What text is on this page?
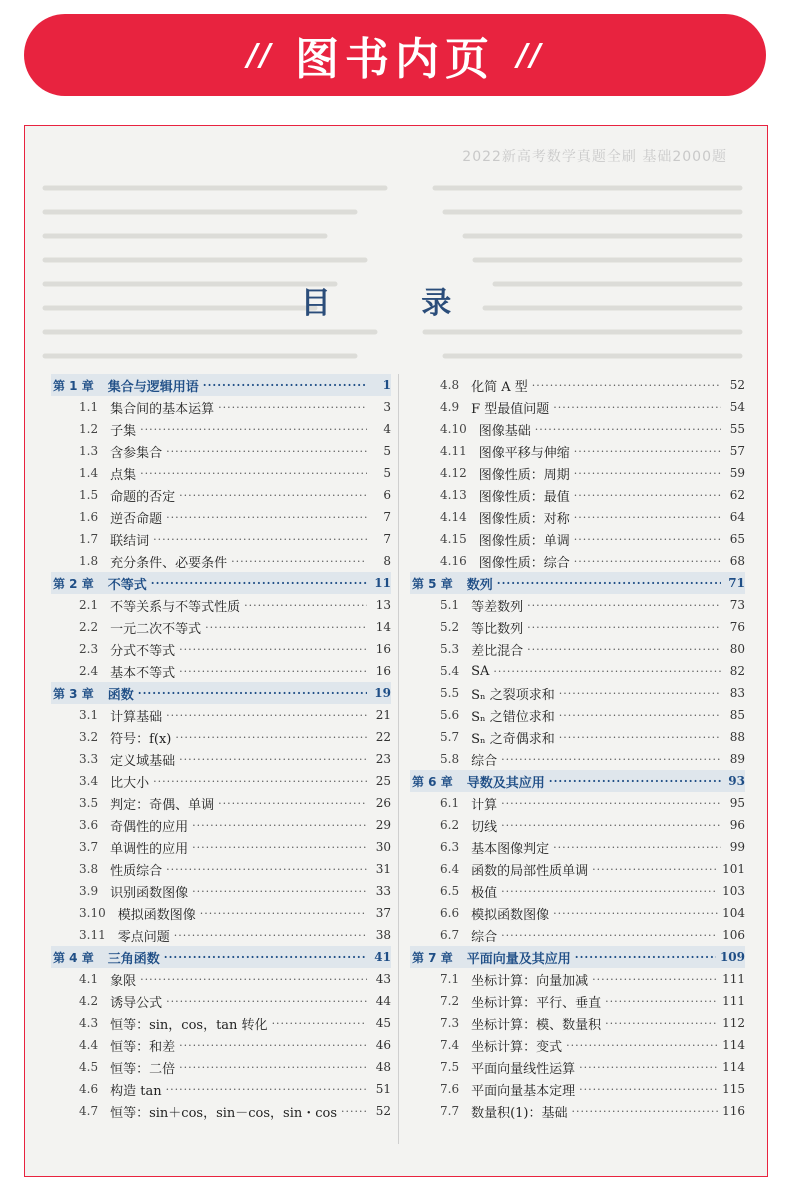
// 图书内页 //
2022新高考数学真题全刷 基础2000题
目 录
第 1 章 集合与逻辑用语 ·····	1
1.1 集合间的基本运算 ·····	3
1.2 子集 ·····	4
1.3 含参集合 ·····	5
1.4 点集 ·····	5
1.5 命题的否定 ·····	6
1.6 逆否命题 ·····	7
1.7 联结词 ·····	7
1.8 充分条件、必要条件 ·····	8
第 2 章 不等式 ·····	11
2.1 不等关系与不等式性质 ·····	13
2.2 一元二次不等式 ·····	14
2.3 分式不等式 ·····	16
2.4 基本不等式 ·····	16
第 3 章 函数 ·····	19
3.1 计算基础 ·····	21
3.2 符号：f(x) ·····	22
3.3 定义域基础 ·····	23
3.4 比大小 ·····	25
3.5 判定：奇偶、单调 ·····	26
3.6 奇偶性的应用 ·····	29
3.7 单调性的应用 ·····	30
3.8 性质综合 ·····	31
3.9 识别函数图像 ·····	33
3.10 模拟函数图像 ·····	37
3.11 零点问题 ·····	38
第 4 章 三角函数 ·····	41
4.1 象限 ·····	43
4.2 诱导公式 ·····	44
4.3 恒等：sin，cos，tan 转化 ·····	45
4.4 恒等：和差 ·····	46
4.5 恒等：二倍 ·····	48
4.6 构造 tan ·····	51
4.7 恒等：sin＋cos，sin－cos，sin・cos ·····	52
4.8 化简 A 型 ·····	52
4.9 F 型最值问题 ·····	54
4.10 图像基础 ·····	55
4.11 图像平移与伸缩 ·····	57
4.12 图像性质：周期 ·····	59
4.13 图像性质：最值 ·····	62
4.14 图像性质：对称 ·····	64
4.15 图像性质：单调 ·····	65
4.16 图像性质：综合 ·····	68
第 5 章 数列 ·····	71
5.1 等差数列 ·····	73
5.2 等比数列 ·····	76
5.3 差比混合 ·····	80
5.4 SA ·····	82
5.5 Sₙ 之裂项求和 ·····	83
5.6 Sₙ 之错位求和 ·····	85
5.7 Sₙ 之奇偶求和 ·····	88
5.8 综合 ·····	89
第 6 章 导数及其应用 ·····	93
6.1 计算 ·····	95
6.2 切线 ·····	96
6.3 基本图像判定 ·····	99
6.4 函数的局部性质单调 ·····	101
6.5 极值 ·····	103
6.6 模拟函数图像 ·····	104
6.7 综合 ·····	106
第 7 章 平面向量及其应用 ·····	109
7.1 坐标计算：向量加减 ·····	111
7.2 坐标计算：平行、垂直 ·····	111
7.3 坐标计算：模、数量积 ·····	112
7.4 坐标计算：变式 ·····	114
7.5 平面向量线性运算 ·····	114
7.6 平面向量基本定理 ·····	115
7.7 数量积(1)：基础 ·····	116
